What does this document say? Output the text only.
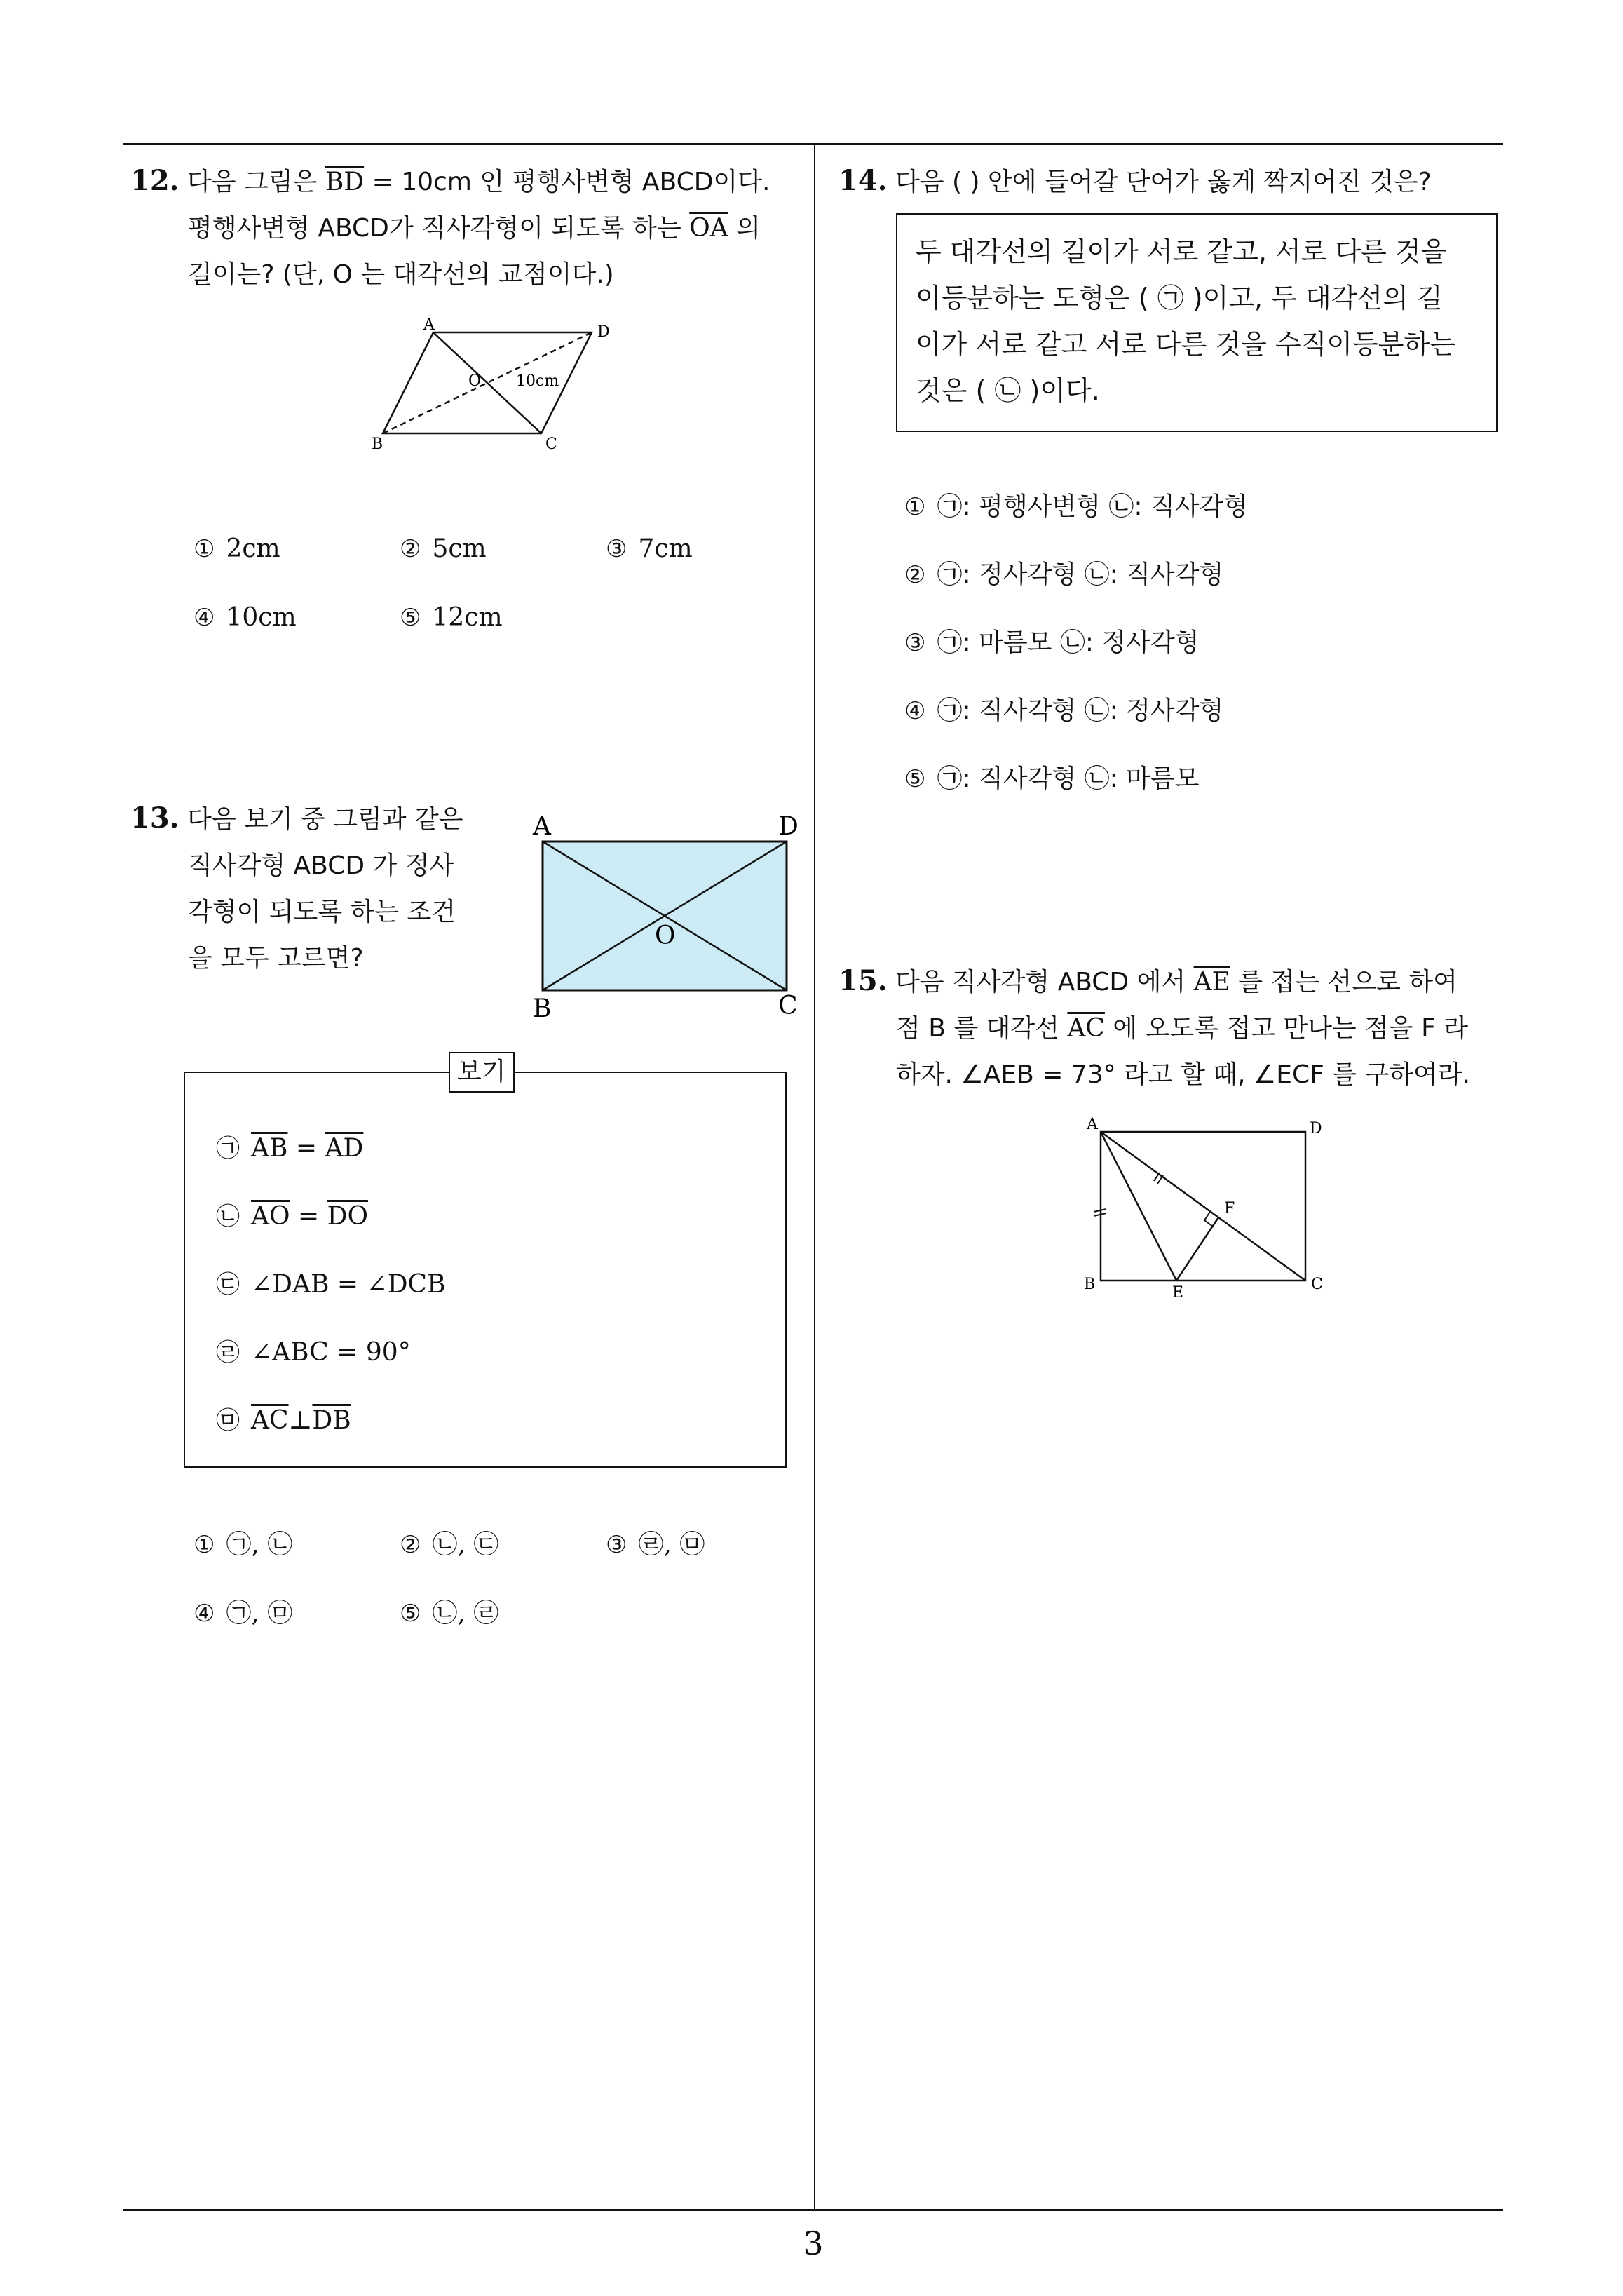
3
12. 다음 그림은 $\overline{BD} = 10cm$ 인 평행사변형 ABCD이다.
평행사변형 ABCD가 직사각형이 되도록 하는 $\overline{OA}$ 의
길이는? (단, O 는 대각선의 교점이다.)
A	D
B	C
O 10cm
① 2cm	② 5cm	③ 7cm
④ 10cm	⑤ 12cm
13. 다음 보기 중 그림과 같은
직사각형 ABCD 가 정사
각형이 되도록 하는 조건
을 모두 고르면?
A	D
B	C
O
보기
㉠ $\overline{AB} = \overline{AD}$
㉡ $\overline{AO} = \overline{DO}$
㉢ ∠DAB = ∠DCB
㉣ ∠ABC = 90°
㉤ $\overline{AC}\perp\overline{DB}$
① ㉠, ㉡	② ㉡, ㉢	③ ㉣, ㉤
④ ㉠, ㉤	⑤ ㉡, ㉣
14. 다음 ( ) 안에 들어갈 단어가 옳게 짝지어진 것은?
두 대각선의 길이가 서로 같고, 서로 다른 것을
이등분하는 도형은 ( ㉠ )이고, 두 대각선의 길
이가 서로 같고 서로 다른 것을 수직이등분하는
것은 ( ㉡ )이다.
① ㉠: 평행사변형 ㉡: 직사각형
② ㉠: 정사각형 ㉡: 직사각형
③ ㉠: 마름모 ㉡: 정사각형
④ ㉠: 직사각형 ㉡: 정사각형
⑤ ㉠: 직사각형 ㉡: 마름모
15. 다음 직사각형 ABCD 에서 $\overline{AE}$ 를 접는 선으로 하여
점 B 를 대각선 $\overline{AC}$ 에 오도록 접고 만나는 점을 F 라
하자. ∠AEB = 73° 라고 할 때, ∠ECF 를 구하여라.
A	D
B	C
E
F
